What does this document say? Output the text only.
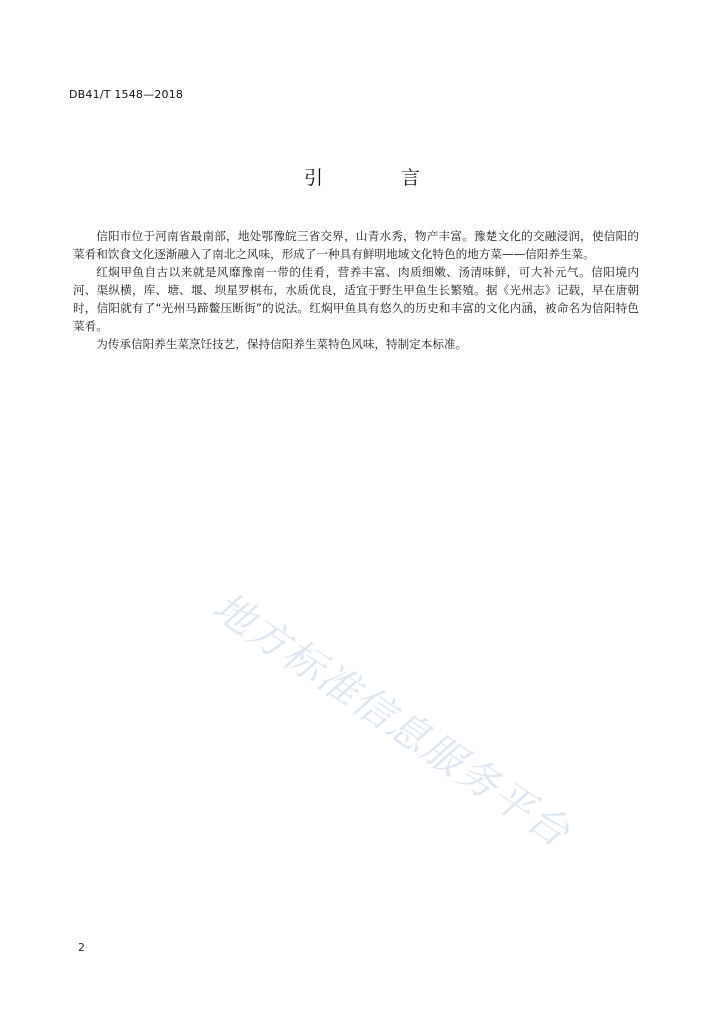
DB41/T 1548—2018
引 言

信阳市位于河南省最南部，地处鄂豫皖三省交界，山青水秀，物产丰富。豫楚文化的交融浸润，使信阳的菜肴和饮食文化逐渐融入了南北之风味，形成了一种具有鲜明地域文化特色的地方菜——信阳养生菜。

红焖甲鱼自古以来就是风靡豫南一带的佳肴，营养丰富、肉质细嫩、汤清味鲜，可大补元气。信阳境内河、渠纵横，库、塘、堰、坝星罗棋布，水质优良，适宜于野生甲鱼生长繁殖。据《光州志》记载，早在唐朝时，信阳就有了“光州马蹄鳖压断街”的说法。红焖甲鱼具有悠久的历史和丰富的文化内涵，被命名为信阳特色菜肴。

为传承信阳养生菜烹饪技艺，保持信阳养生菜特色风味，特制定本标准。

地方标准信息服务平台
2
